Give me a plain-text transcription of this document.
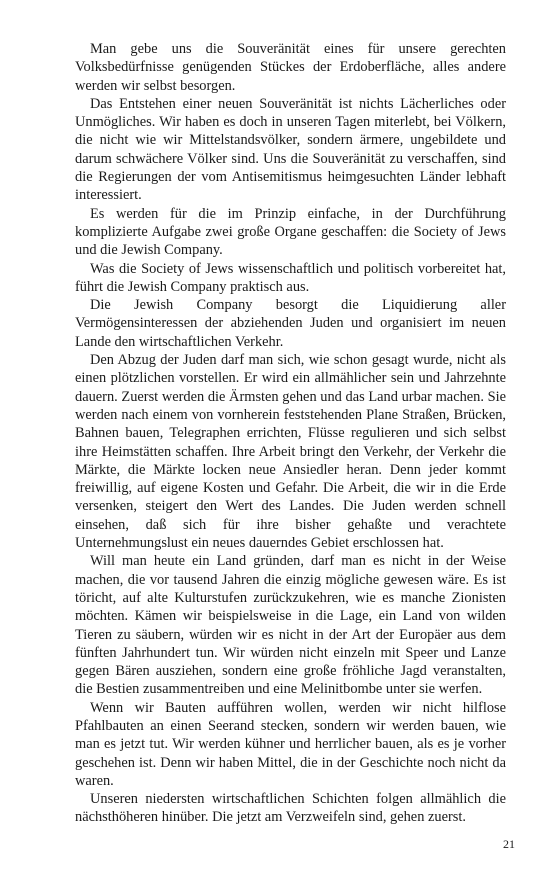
Man gebe uns die Souveränität eines für unsere gerechten Volksbedürfnisse genügenden Stückes der Erdoberfläche, alles andere werden wir selbst besorgen.

Das Entstehen einer neuen Souveränität ist nichts Lächerliches oder Unmögliches. Wir haben es doch in unseren Tagen miterlebt, bei Völkern, die nicht wie wir Mittelstandsvölker, sondern ärmere, ungebildete und darum schwächere Völker sind. Uns die Souveränität zu verschaffen, sind die Regierungen der vom Antisemitismus heimgesuchten Länder lebhaft interessiert.

Es werden für die im Prinzip einfache, in der Durchführung komplizierte Aufgabe zwei große Organe geschaffen: die Society of Jews und die Jewish Company.

Was die Society of Jews wissenschaftlich und politisch vorbereitet hat, führt die Jewish Company praktisch aus.

Die Jewish Company besorgt die Liquidierung aller Vermögensinteressen der abziehenden Juden und organisiert im neuen Lande den wirtschaftlichen Verkehr.

Den Abzug der Juden darf man sich, wie schon gesagt wurde, nicht als einen plötzlichen vorstellen. Er wird ein allmählicher sein und Jahrzehnte dauern. Zuerst werden die Ärmsten gehen und das Land urbar machen. Sie werden nach einem von vornherein feststehenden Plane Straßen, Brücken, Bahnen bauen, Telegraphen errichten, Flüsse regulieren und sich selbst ihre Heimstätten schaffen. Ihre Arbeit bringt den Verkehr, der Verkehr die Märkte, die Märkte locken neue Ansiedler heran. Denn jeder kommt freiwillig, auf eigene Kosten und Gefahr. Die Arbeit, die wir in die Erde versenken, steigert den Wert des Landes. Die Juden werden schnell einsehen, daß sich für ihre bisher gehaßte und verachtete Unternehmungslust ein neues dauerndes Gebiet erschlossen hat.

Will man heute ein Land gründen, darf man es nicht in der Weise machen, die vor tausend Jahren die einzig mögliche gewesen wäre. Es ist töricht, auf alte Kulturstufen zurückzukehren, wie es manche Zionisten möchten. Kämen wir beispielsweise in die Lage, ein Land von wilden Tieren zu säubern, würden wir es nicht in der Art der Europäer aus dem fünften Jahrhundert tun. Wir würden nicht einzeln mit Speer und Lanze gegen Bären ausziehen, sondern eine große fröhliche Jagd veranstalten, die Bestien zusammentreiben und eine Melinitbombe unter sie werfen.

Wenn wir Bauten aufführen wollen, werden wir nicht hilflose Pfahlbauten an einen Seerand stecken, sondern wir werden bauen, wie man es jetzt tut. Wir werden kühner und herrlicher bauen, als es je vorher geschehen ist. Denn wir haben Mittel, die in der Geschichte noch nicht da waren.

Unseren niedersten wirtschaftlichen Schichten folgen allmählich die nächsthöheren hinüber. Die jetzt am Verzweifeln sind, gehen zuerst.

21
